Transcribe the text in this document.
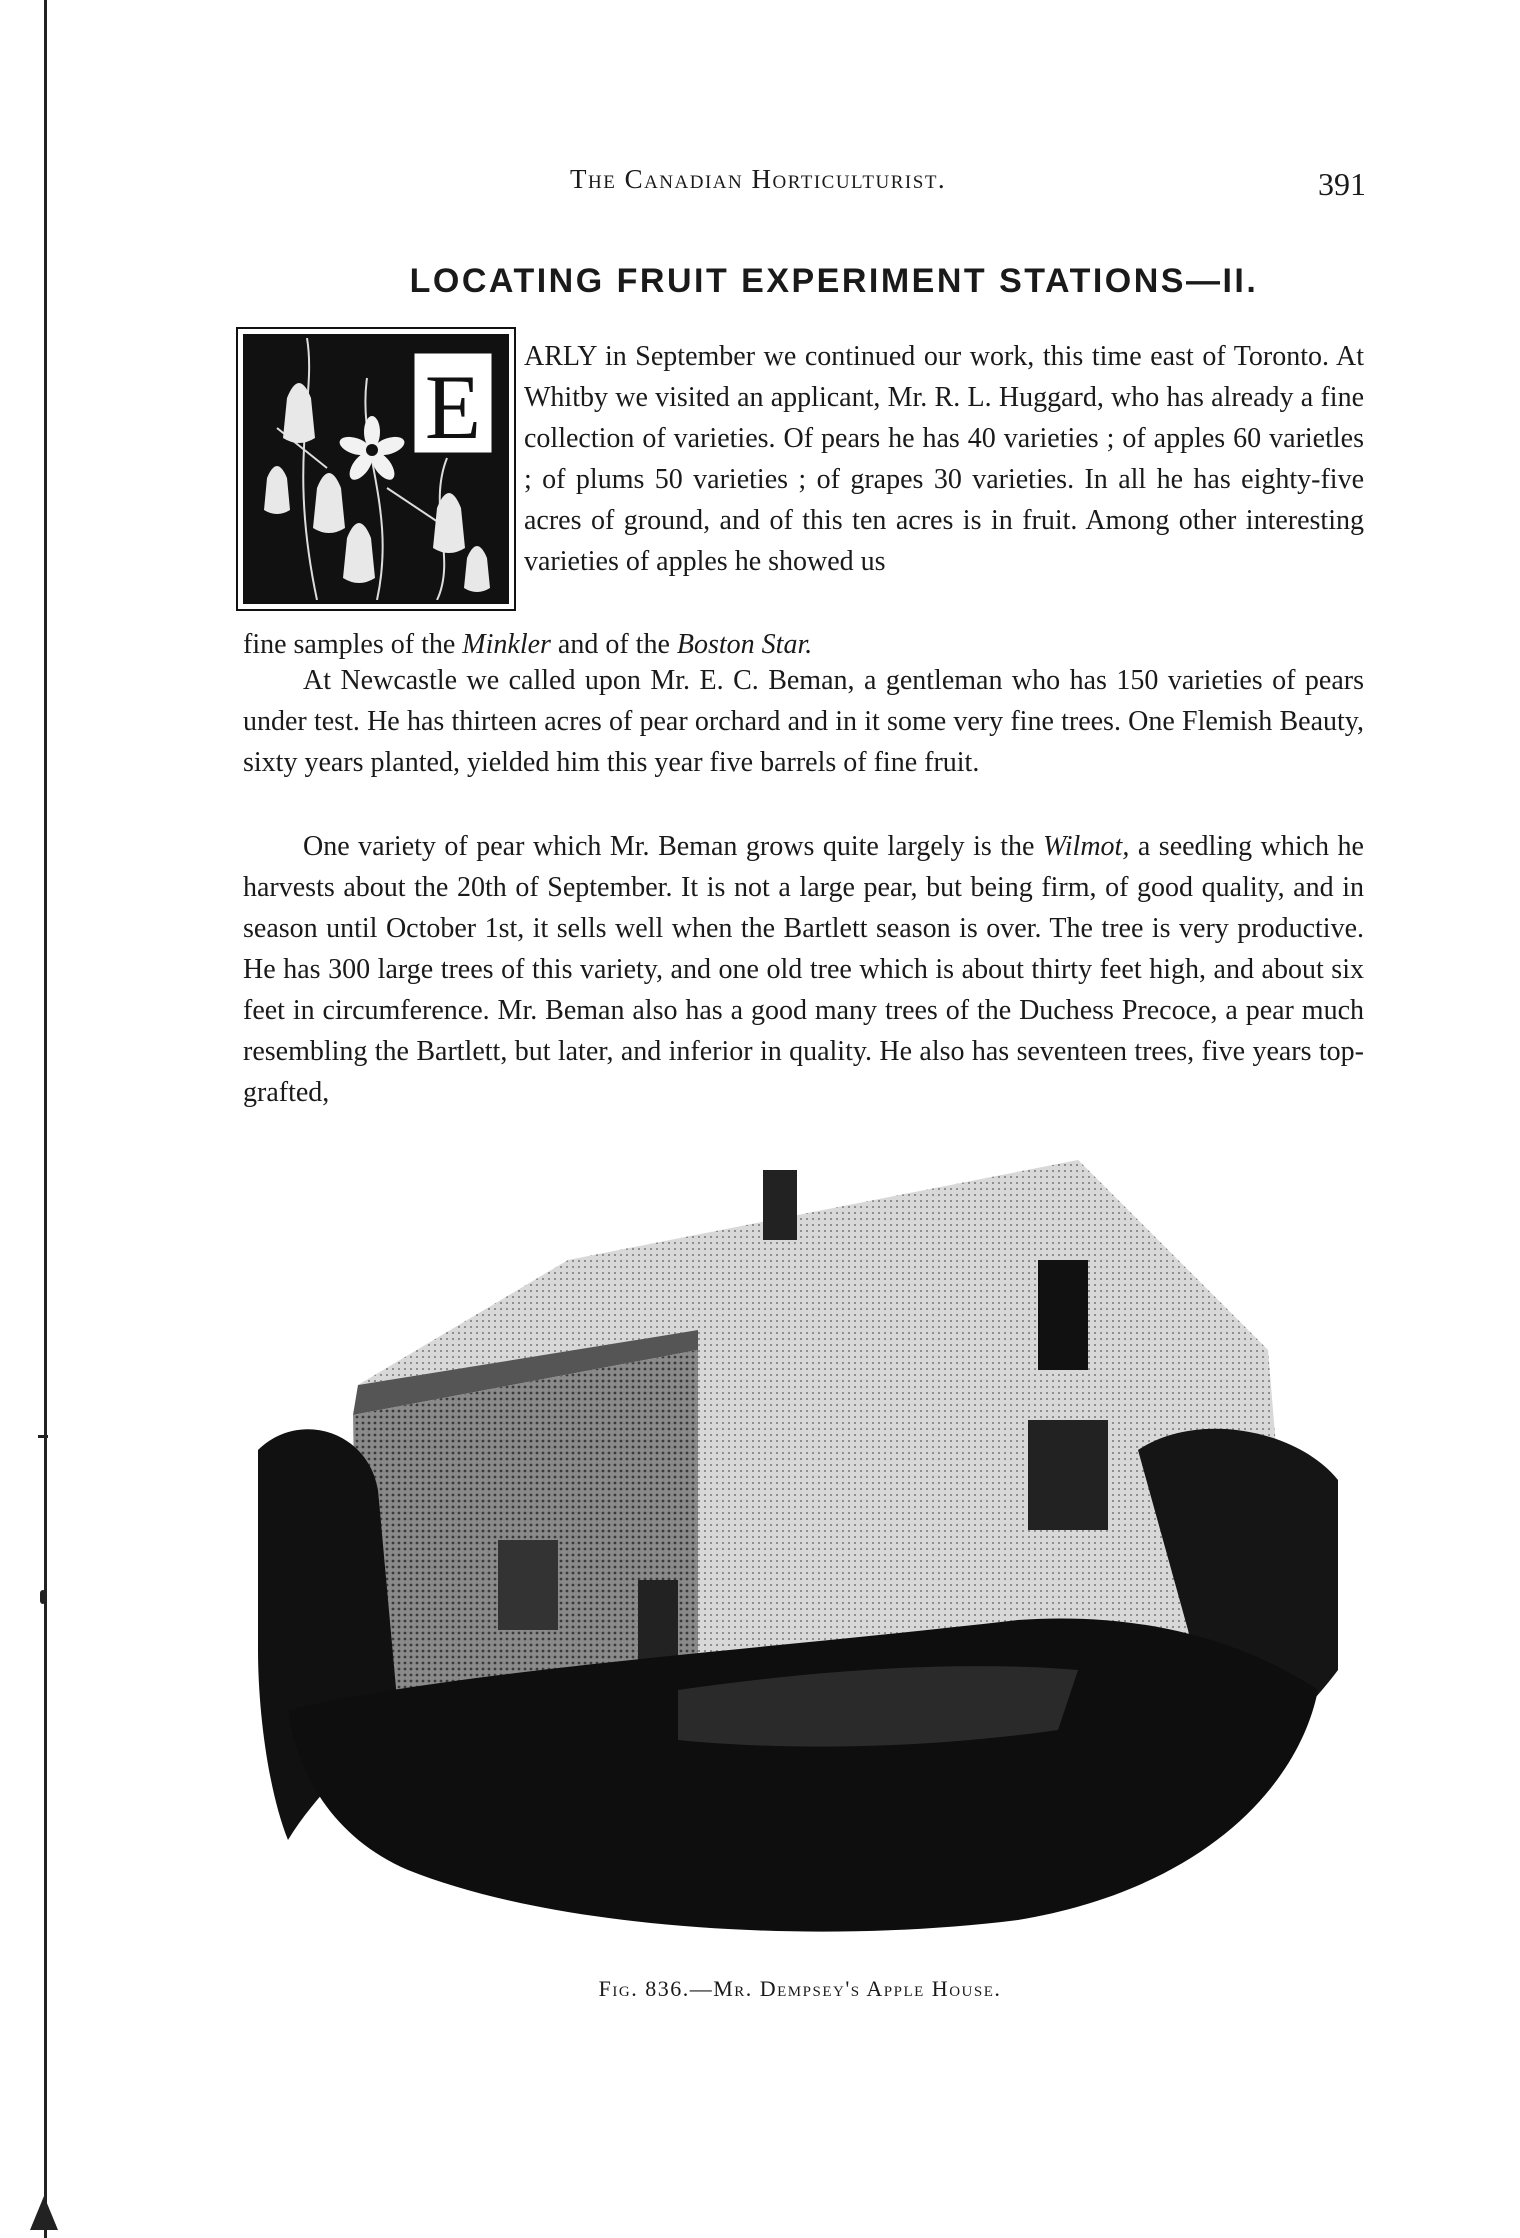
The Canadian Horticulturist.	391
LOCATING FRUIT EXPERIMENT STATIONS—II.
E ARLY in September we continued our work, this time east of Toronto. At Whitby we visited an applicant, Mr. R. L. Huggard, who has already a fine collection of varieties. Of pears he has 40 varieties ; of apples 60 varietles ; of plums 50 varieties ; of grapes 30 varieties. In all he has eighty-five acres of ground, and of this ten acres is in fruit. Among other interesting varieties of apples he showed us

fine samples of the Minkler and of the Boston Star.

At Newcastle we called upon Mr. E. C. Beman, a gentleman who has 150 varieties of pears under test. He has thirteen acres of pear orchard and in it some very fine trees. One Flemish Beauty, sixty years planted, yielded him this year five barrels of fine fruit.

One variety of pear which Mr. Beman grows quite largely is the Wilmot, a seedling which he harvests about the 20th of September. It is not a large pear, but being firm, of good quality, and in season until October 1st, it sells well when the Bartlett season is over. The tree is very productive. He has 300 large trees of this variety, and one old tree which is about thirty feet high, and about six feet in circumference. Mr. Beman also has a good many trees of the Duchess Precoce, a pear much resembling the Bartlett, but later, and inferior in quality. He also has seventeen trees, five years top-grafted,

Fig. 836.—Mr. Dempsey's Apple House.
